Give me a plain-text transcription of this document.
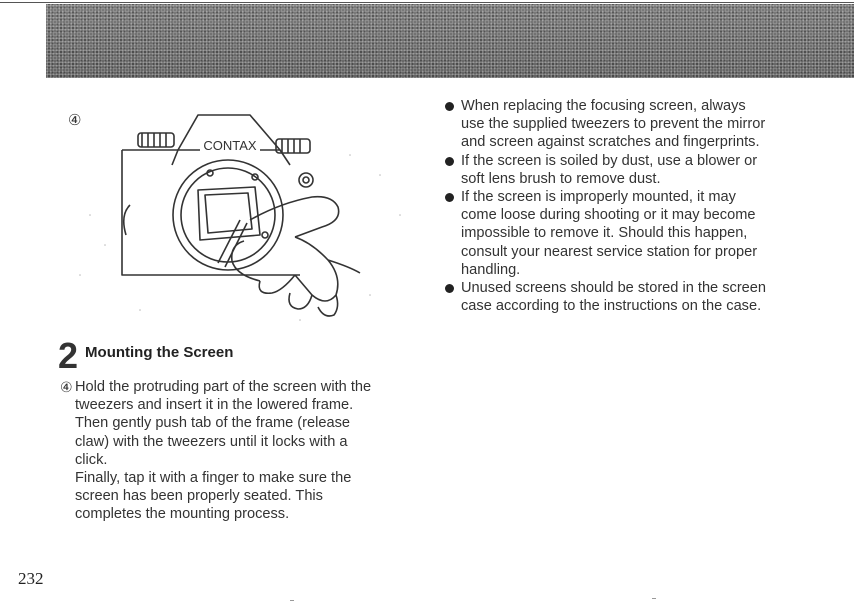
④
CONTAX
2 Mounting the Screen
④ Hold the protruding part of the screen with the

tweezers and insert it in the lowered frame.

Then gently push tab of the frame (release

claw) with the tweezers until it locks with a

click.

Finally, tap it with a finger to make sure the

screen has been properly seated. This

completes the mounting process.

When replacing the focusing screen, always
use the supplied tweezers to prevent the mirror
and screen against scratches and fingerprints.
If the screen is soiled by dust, use a blower or
soft lens brush to remove dust.
If the screen is improperly mounted, it may
come loose during shooting or it may become
impossible to remove it. Should this happen,
consult your nearest service station for proper
handling.
Unused screens should be stored in the screen
case according to the instructions on the case.
232
